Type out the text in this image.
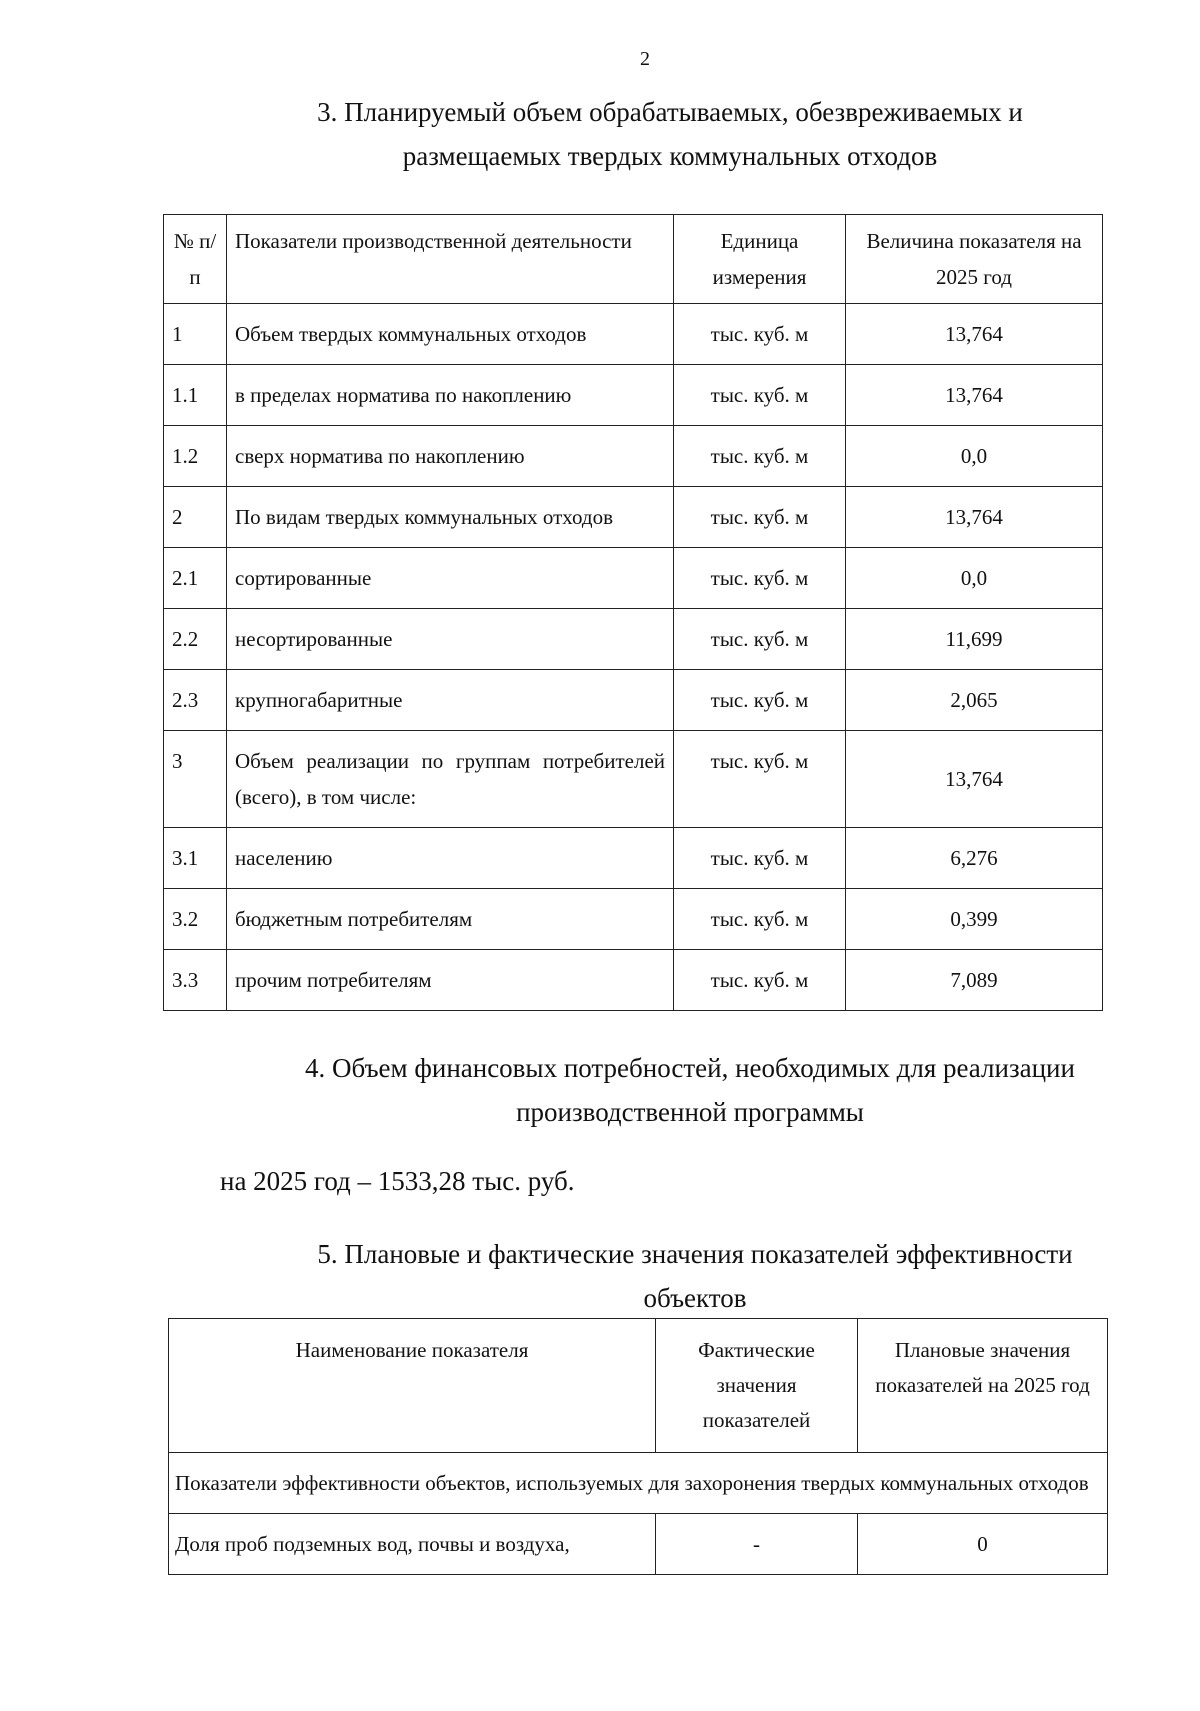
2
3. Планируемый объем обрабатываемых, обезвреживаемых и
размещаемых твердых коммунальных отходов
№ п/п	Показатели производственной деятельности	Единица измерения	Величина показателя на 2025 год
1	Объем твердых коммунальных отходов	тыс. куб. м	13,764
1.1	в пределах норматива по накоплению	тыс. куб. м	13,764
1.2	сверх норматива по накоплению	тыс. куб. м	0,0
2	По видам твердых коммунальных отходов	тыс. куб. м	13,764
2.1	сортированные	тыс. куб. м	0,0
2.2	несортированные	тыс. куб. м	11,699
2.3	крупногабаритные	тыс. куб. м	2,065
3	Объем реализации по группам потребителей (всего), в том числе:	тыс. куб. м	13,764
3.1	населению	тыс. куб. м	6,276
3.2	бюджетным потребителям	тыс. куб. м	0,399
3.3	прочим потребителям	тыс. куб. м	7,089
4. Объем финансовых потребностей, необходимых для реализации
производственной программы
на 2025 год – 1533,28 тыс. руб.
5. Плановые и фактические значения показателей эффективности
объектов
Наименование показателя	Фактические значения показателей	Плановые значения показателей на 2025 год
Показатели эффективности объектов, используемых для захоронения твердых коммунальных отходов		
Доля проб подземных вод, почвы и воздуха,	-	0
